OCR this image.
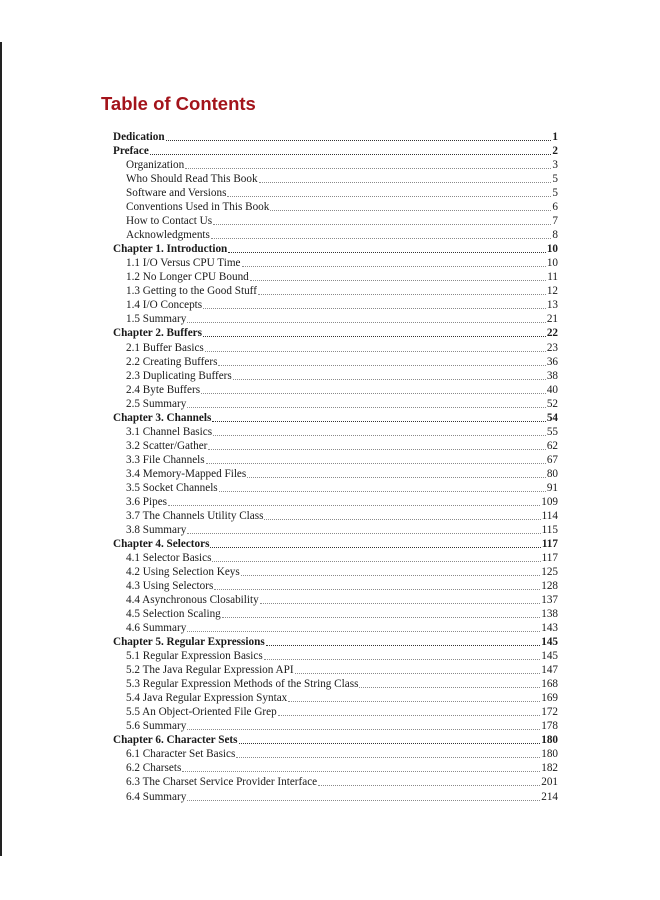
Table of Contents
Dedication	1
Preface	2
Organization	3
Who Should Read This Book	5
Software and Versions	5
Conventions Used in This Book	6
How to Contact Us	7
Acknowledgments	8
Chapter 1. Introduction	10
1.1 I/O Versus CPU Time	10
1.2 No Longer CPU Bound	11
1.3 Getting to the Good Stuff	12
1.4 I/O Concepts	13
1.5 Summary	21
Chapter 2. Buffers	22
2.1 Buffer Basics	23
2.2 Creating Buffers	36
2.3 Duplicating Buffers	38
2.4 Byte Buffers	40
2.5 Summary	52
Chapter 3. Channels	54
3.1 Channel Basics	55
3.2 Scatter/Gather	62
3.3 File Channels	67
3.4 Memory-Mapped Files	80
3.5 Socket Channels	91
3.6 Pipes	109
3.7 The Channels Utility Class	114
3.8 Summary	115
Chapter 4. Selectors	117
4.1 Selector Basics	117
4.2 Using Selection Keys	125
4.3 Using Selectors	128
4.4 Asynchronous Closability	137
4.5 Selection Scaling	138
4.6 Summary	143
Chapter 5. Regular Expressions	145
5.1 Regular Expression Basics	145
5.2 The Java Regular Expression API	147
5.3 Regular Expression Methods of the String Class	168
5.4 Java Regular Expression Syntax	169
5.5 An Object-Oriented File Grep	172
5.6 Summary	178
Chapter 6. Character Sets	180
6.1 Character Set Basics	180
6.2 Charsets	182
6.3 The Charset Service Provider Interface	201
6.4 Summary	214
